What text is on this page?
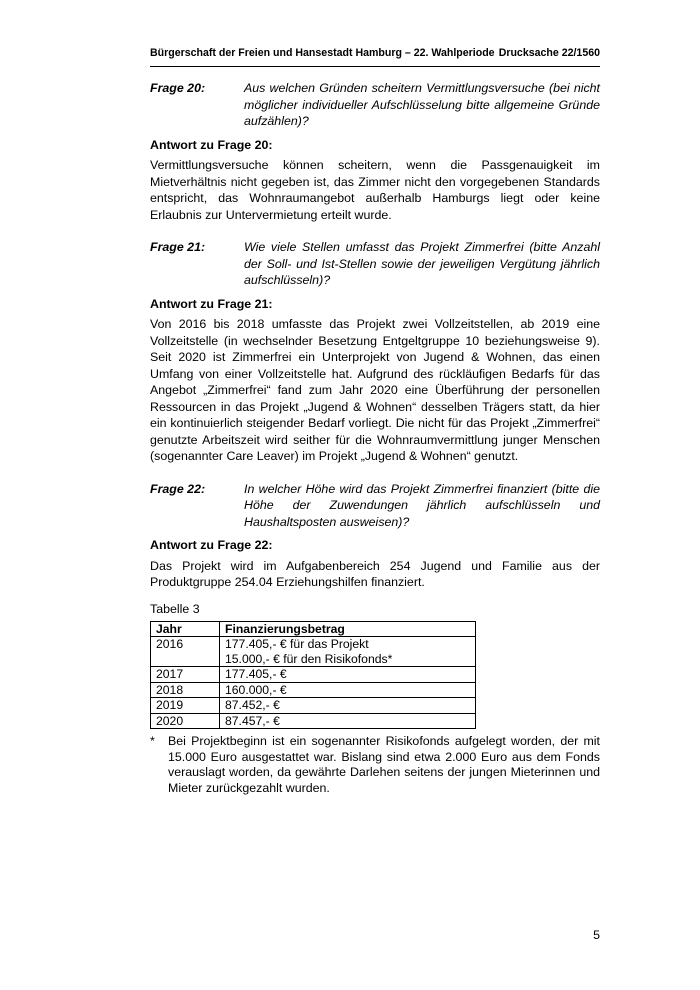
Bürgerschaft der Freien und Hansestadt Hamburg – 22. Wahlperiode Drucksache 22/1560
Frage 20:	Aus welchen Gründen scheitern Vermittlungsversuche (bei nicht möglicher individueller Aufschlüsselung bitte allgemeine Gründe aufzählen)?
Antwort zu Frage 20:
Vermittlungsversuche können scheitern, wenn die Passgenauigkeit im Mietverhältnis nicht gegeben ist, das Zimmer nicht den vorgegebenen Standards entspricht, das Wohnraumangebot außerhalb Hamburgs liegt oder keine Erlaubnis zur Untervermietung erteilt wurde.
Frage 21:	Wie viele Stellen umfasst das Projekt Zimmerfrei (bitte Anzahl der Soll- und Ist-Stellen sowie der jeweiligen Vergütung jährlich aufschlüsseln)?
Antwort zu Frage 21:
Von 2016 bis 2018 umfasste das Projekt zwei Vollzeitstellen, ab 2019 eine Vollzeitstelle (in wechselnder Besetzung Entgeltgruppe 10 beziehungsweise 9). Seit 2020 ist Zimmerfrei ein Unterprojekt von Jugend & Wohnen, das einen Umfang von einer Vollzeitstelle hat. Aufgrund des rückläufigen Bedarfs für das Angebot „Zimmerfrei“ fand zum Jahr 2020 eine Überführung der personellen Ressourcen in das Projekt „Jugend & Wohnen“ desselben Trägers statt, da hier ein kontinuierlich steigender Bedarf vorliegt. Die nicht für das Projekt „Zimmerfrei“ genutzte Arbeitszeit wird seither für die Wohnraumvermittlung junger Menschen (sogenannter Care Leaver) im Projekt „Jugend & Wohnen“ genutzt.
Frage 22:	In welcher Höhe wird das Projekt Zimmerfrei finanziert (bitte die Höhe der Zuwendungen jährlich aufschlüsseln und Haushaltsposten ausweisen)?
Antwort zu Frage 22:
Das Projekt wird im Aufgabenbereich 254 Jugend und Familie aus der Produktgruppe 254.04 Erziehungshilfen finanziert.
Tabelle 3
Jahr	Finanzierungsbetrag
2016	177.405,- € für das Projekt
15.000,- € für den Risikofonds*

2017	177.405,- €
2018	160.000,- €
2019	87.452,- €
2020	87.457,- €
*	Bei Projektbeginn ist ein sogenannter Risikofonds aufgelegt worden, der mit 15.000 Euro ausgestattet war. Bislang sind etwa 2.000 Euro aus dem Fonds verauslagt worden, da gewährte Darlehen seitens der jungen Mieterinnen und Mieter zurückgezahlt wurden.
5
